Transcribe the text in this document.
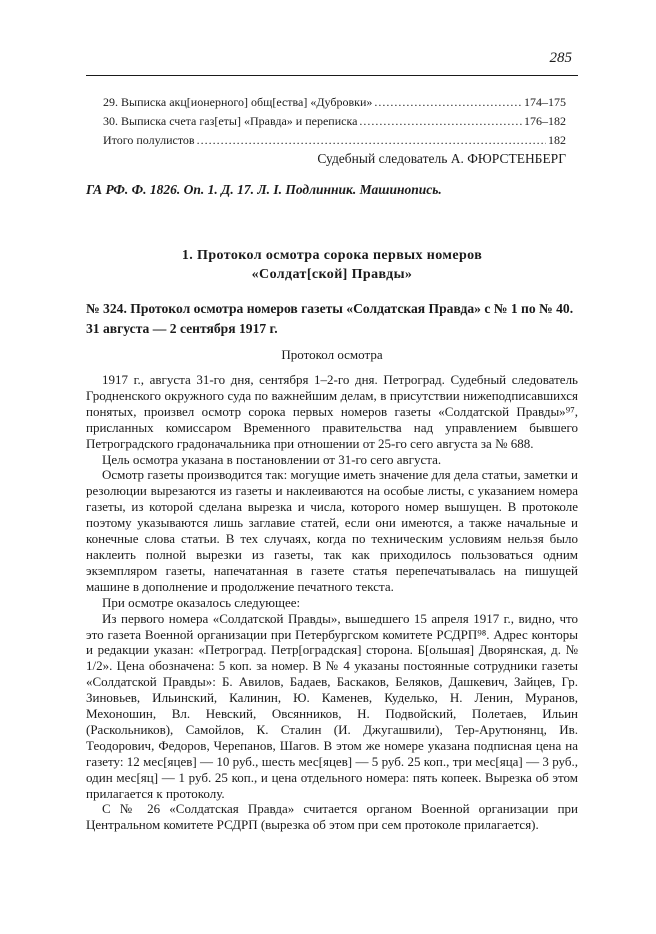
285
29. Выписка акц[ионерного] общ[ества] «Дубровки» . . .	174–175
30. Выписка счета газ[еты] «Правда» и переписка . . .	176–182
Итого полулистов . . .	182
Судебный следователь А. ФЮРСТЕНБЕРГ
ГА РФ. Ф. 1826. Оп. 1. Д. 17. Л. I. Подлинник. Машинопись.
1. Протокол осмотра сорока первых номеров
«Солдат[ской] Правды»
№ 324. Протокол осмотра номеров газеты «Солдатская Правда» с № 1 по № 40. 31 августа — 2 сентября 1917 г.
Протокол осмотра

1917 г., августа 31-го дня, сентября 1–2-го дня. Петроград. Судебный следователь Гродненского окружного суда по важнейшим делам, в присутствии нижеподписавшихся понятых, произвел осмотр сорока первых номеров газеты «Солдатской Правды»⁹⁷, присланных комиссаром Временного правительства над управлением бывшего Петроградского градоначальника при отношении от 25-го сего августа за № 688.

Цель осмотра указана в постановлении от 31-го сего августа.

Осмотр газеты производится так: могущие иметь значение для дела статьи, заметки и резолюции вырезаются из газеты и наклеиваются на особые листы, с указанием номера газеты, из которой сделана вырезка и числа, которого номер вышущен. В протоколе поэтому указываются лишь заглавие статей, если они имеются, а также начальные и конечные слова статьи. В тех случаях, когда по техническим условиям нельзя было наклеить полной вырезки из газеты, так как приходилось пользоваться одним экземпляром газеты, напечатанная в газете статья перепечатывалась на пишущей машине в дополнение и продолжение печатного текста.

При осмотре оказалось следующее:

Из первого номера «Солдатской Правды», вышедшего 15 апреля 1917 г., видно, что это газета Военной организации при Петербургском комитете РСДРП⁹⁸. Адрес конторы и редакции указан: «Петроград. Петр[оградская] сторона. Б[ольшая] Дворянская, д. № 1/2». Цена обозначена: 5 коп. за номер. В № 4 указаны постоянные сотрудники газеты «Солдатской Правды»: Б. Авилов, Бадаев, Баскаков, Беляков, Дашкевич, Зайцев, Гр. Зиновьев, Ильинский, Калинин, Ю. Каменев, Куделько, Н. Ленин, Муранов, Мехоношин, Вл. Невский, Овсянников, Н. Подвойский, Полетаев, Ильин (Раскольников), Самойлов, К. Сталин (И. Джугашвили), Тер-Арутюнянц, Ив. Теодорович, Федоров, Черепанов, Шагов. В этом же номере указана подписная цена на газету: 12 мес[яцев] — 10 руб., шесть мес[яцев] — 5 руб. 25 коп., три мес[яца] — 3 руб., один мес[яц] — 1 руб. 25 коп., и цена отдельного номера: пять копеек. Вырезка об этом прилагается к протоколу.

С № 26 «Солдатская Правда» считается органом Военной организации при Центральном комитете РСДРП (вырезка об этом при сем протоколе прилагается).
